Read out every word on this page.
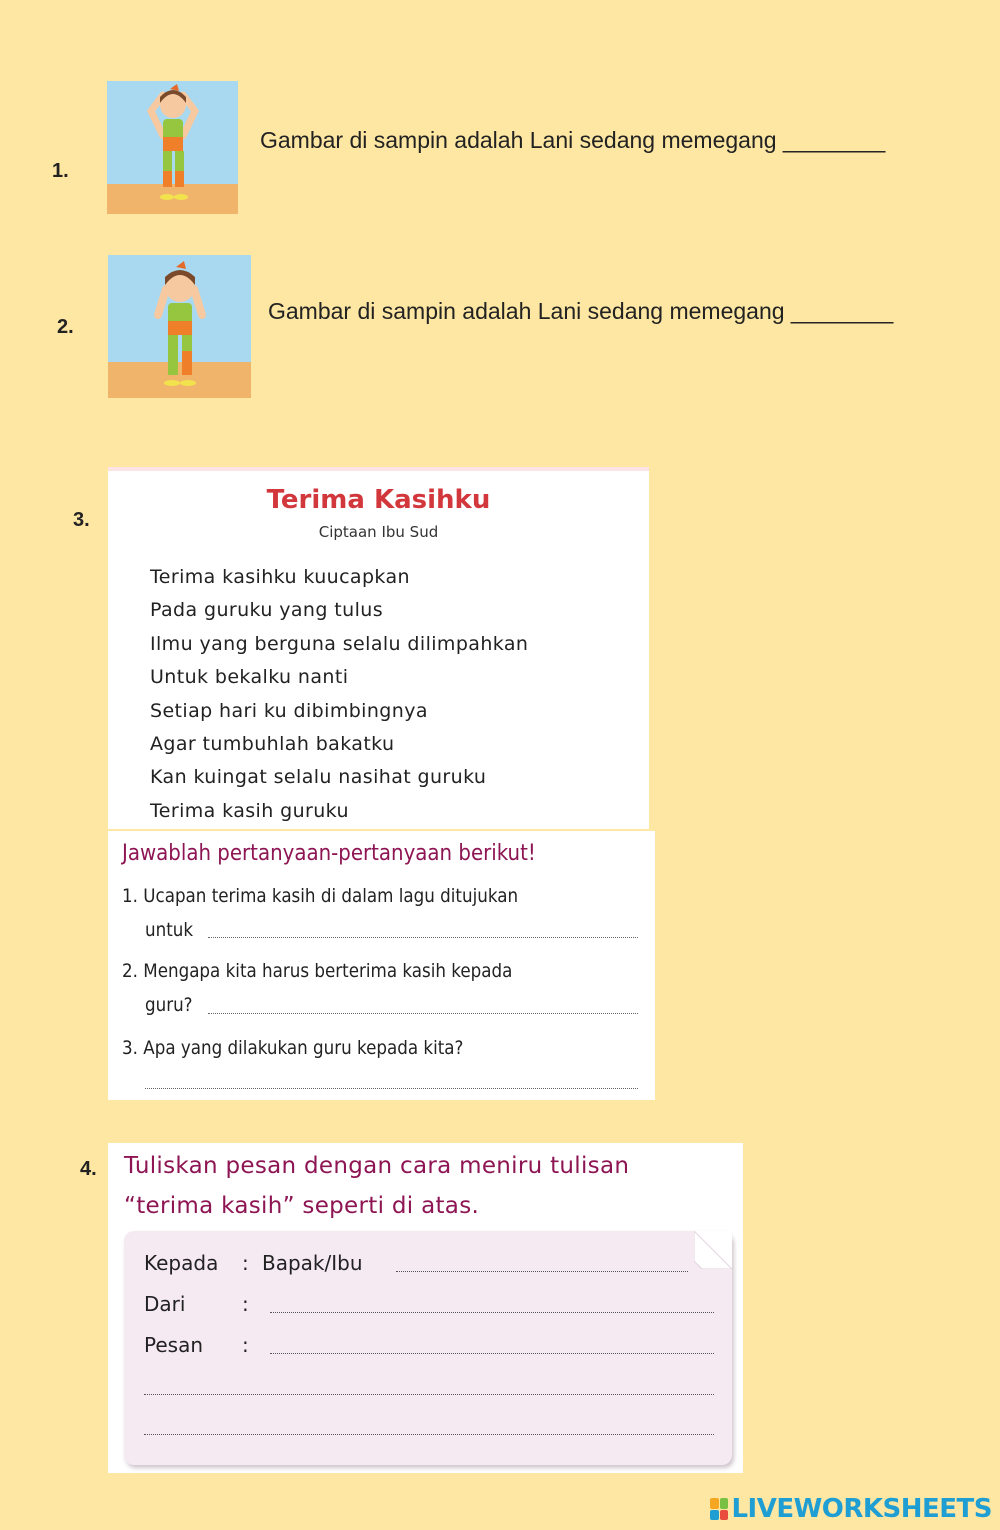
1.
Gambar di sampin adalah Lani sedang memegang ________
2.
Gambar di sampin adalah Lani sedang memegang ________
3.
Terima Kasihku
Ciptaan Ibu Sud
Terima kasihku kuucapkan
Pada guruku yang tulus
Ilmu yang berguna selalu dilimpahkan
Untuk bekalku nanti
Setiap hari ku dibimbingnya
Agar tumbuhlah bakatku
Kan kuingat selalu nasihat guruku
Terima kasih guruku
Jawablah pertanyaan-pertanyaan berikut!
1. Ucapan terima kasih di dalam lagu ditujukan
untuk
2. Mengapa kita harus berterima kasih kepada
guru?
3. Apa yang dilakukan guru kepada kita?
4. Tuliskan pesan dengan cara meniru tulisan
“terima kasih” seperti di atas.
Kepada : Bapak/Ibu
Dari	:
Pesan :
LIVEWORKSHEETS
